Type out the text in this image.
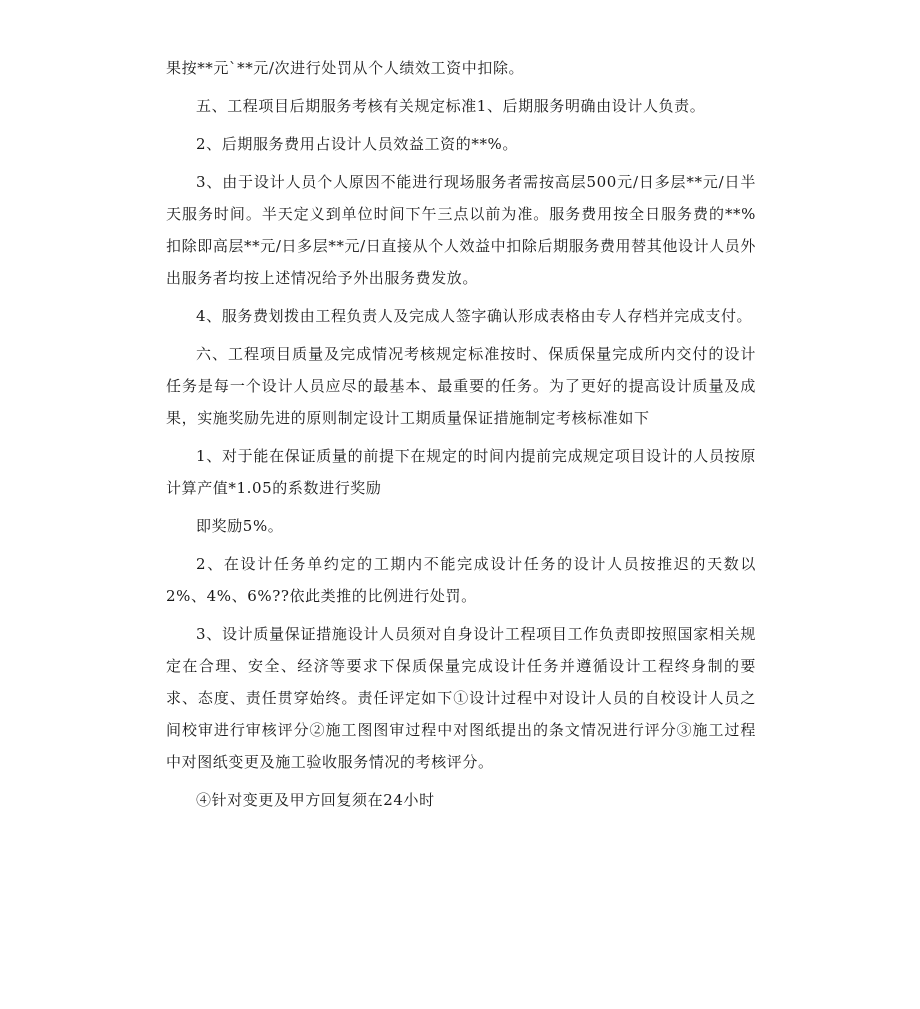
果按**元`**元/次进行处罚从个人绩效工资中扣除。

五、工程项目后期服务考核有关规定标准1、后期服务明确由设计人负责。

2、后期服务费用占设计人员效益工资的**%。

3、由于设计人员个人原因不能进行现场服务者需按高层500元/日多层**元/日半天服务时间。半天定义到单位时间下午三点以前为准。服务费用按全日服务费的**%扣除即高层**元/日多层**元/日直接从个人效益中扣除后期服务费用替其他设计人员外出服务者均按上述情况给予外出服务费发放。

4、服务费划拨由工程负责人及完成人签字确认形成表格由专人存档并完成支付。

六、工程项目质量及完成情况考核规定标准按时、保质保量完成所内交付的设计任务是每一个设计人员应尽的最基本、最重要的任务。为了更好的提高设计质量及成果，实施奖励先进的原则制定设计工期质量保证措施制定考核标准如下

1、对于能在保证质量的前提下在规定的时间内提前完成规定项目设计的人员按原计算产值*1.05的系数进行奖励

即奖励5%。

2、在设计任务单约定的工期内不能完成设计任务的设计人员按推迟的天数以2%、4%、6%??依此类推的比例进行处罚。

3、设计质量保证措施设计人员须对自身设计工程项目工作负责即按照国家相关规定在合理、安全、经济等要求下保质保量完成设计任务并遵循设计工程终身制的要求、态度、责任贯穿始终。责任评定如下①设计过程中对设计人员的自校设计人员之间校审进行审核评分②施工图图审过程中对图纸提出的条文情况进行评分③施工过程中对图纸变更及施工验收服务情况的考核评分。

④针对变更及甲方回复须在24小时
